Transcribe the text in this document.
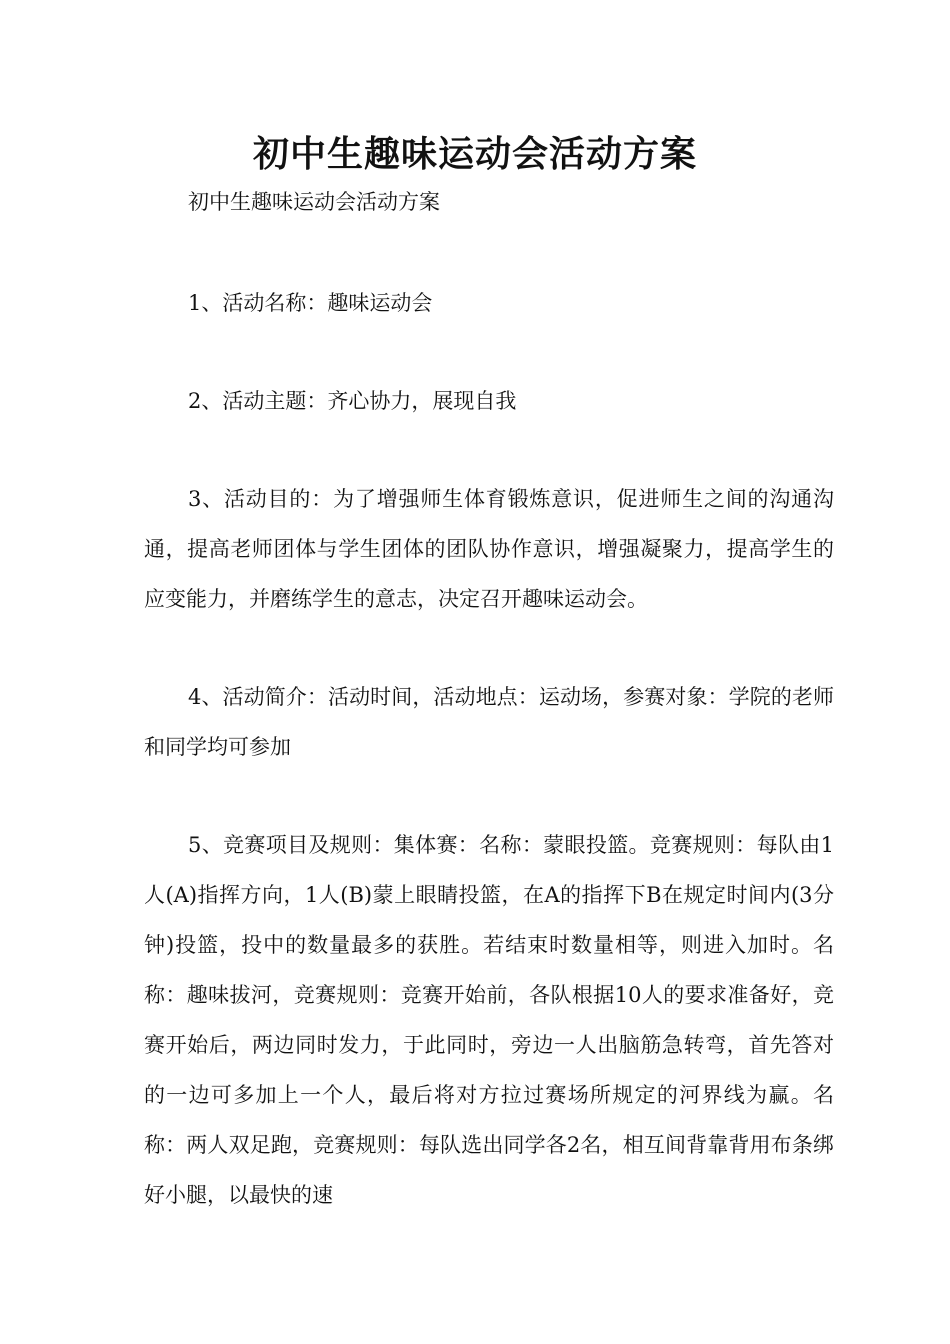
初中生趣味运动会活动方案

初中生趣味运动会活动方案

1、活动名称：趣味运动会

2、活动主题：齐心协力，展现自我

3、活动目的：为了增强师生体育锻炼意识，促进师生之间的沟通沟通，提高老师团体与学生团体的团队协作意识，增强凝聚力，提高学生的应变能力，并磨练学生的意志，决定召开趣味运动会。

4、活动简介：活动时间，活动地点：运动场，参赛对象：学院的老师和同学均可参加

5、竞赛项目及规则：集体赛：名称：蒙眼投篮。竞赛规则：每队由1人(A)指挥方向，1人(B)蒙上眼睛投篮，在A的指挥下B在规定时间内(3分钟)投篮，投中的数量最多的获胜。若结束时数量相等，则进入加时。名称：趣味拔河，竞赛规则：竞赛开始前，各队根据10人的要求准备好，竞赛开始后，两边同时发力，于此同时，旁边一人出脑筋急转弯，首先答对的一边可多加上一个人，最后将对方拉过赛场所规定的河界线为赢。名称：两人双足跑，竞赛规则：每队选出同学各2名，相互间背靠背用布条绑好小腿，以最快的速
